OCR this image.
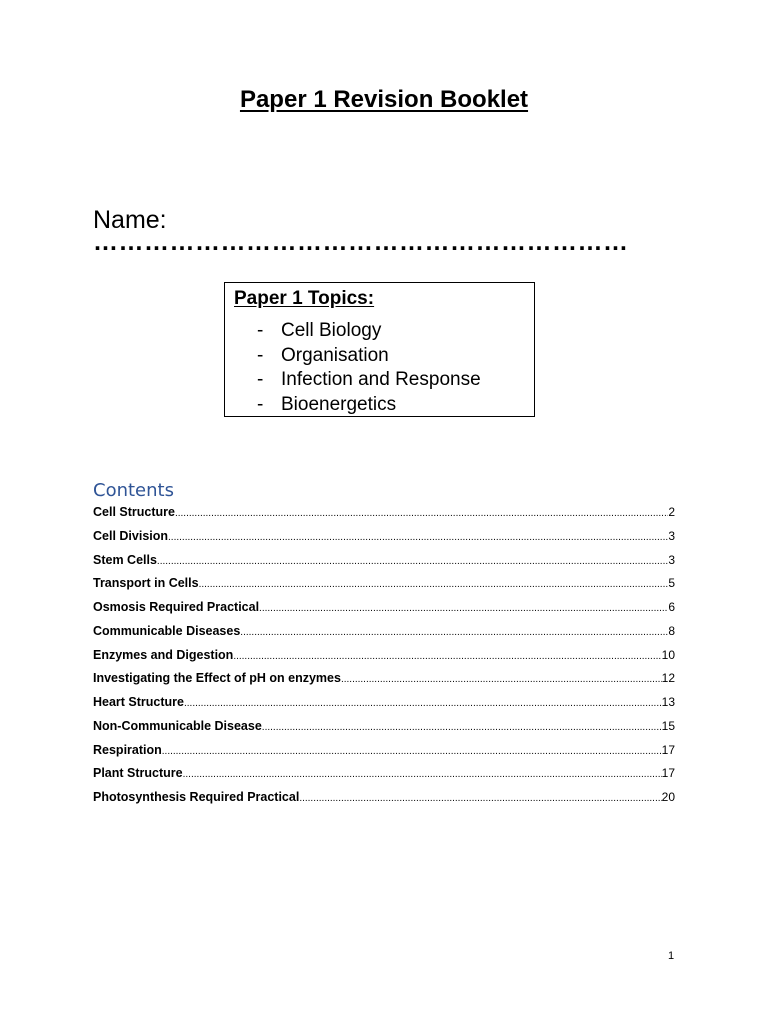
Paper 1 Revision Booklet
Name:
………………………………………………………
Paper 1 Topics:
- Cell Biology
- Organisation
- Infection and Response
- Bioenergetics
Contents
Cell Structure .....	2
Cell Division .....	3
Stem Cells .....	3
Transport in Cells .....	5
Osmosis Required Practical .....	6
Communicable Diseases .....	8
Enzymes and Digestion .....	10
Investigating the Effect of pH on enzymes .....	12
Heart Structure .....	13
Non-Communicable Disease .....	15
Respiration .....	17
Plant Structure .....	17
Photosynthesis Required Practical .....	20
1
